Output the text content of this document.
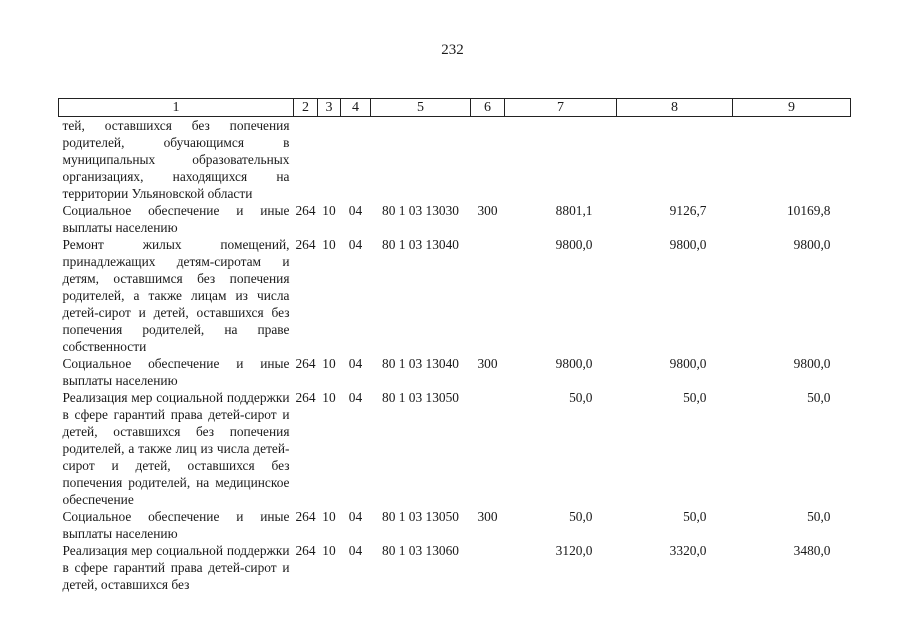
232
1	2	3	4	5	6	7	8	9
тей, оставшихся без попечения родителей, обучающимся в муниципальных образовательных организациях, находящихся на территории Ульяновской области								
Социальное обеспечение и иные выплаты населению	264	10	04	80 1 03 13030	300	8801,1	9126,7	10169,8
Ремонт жилых помещений, принадлежащих детям-сиротам и детям, оставшимся без попечения родителей, а также лицам из числа детей-сирот и детей, оставшихся без попечения родителей, на праве собственности	264	10	04	80 1 03 13040		9800,0	9800,0	9800,0
Социальное обеспечение и иные выплаты населению	264	10	04	80 1 03 13040	300	9800,0	9800,0	9800,0
Реализация мер социальной поддержки в сфере гарантий права детей-сирот и детей, оставшихся без попечения родителей, а также лиц из числа детей-сирот и детей, оставшихся без попечения родителей, на медицинское обеспечение	264	10	04	80 1 03 13050		50,0	50,0	50,0
Социальное обеспечение и иные выплаты населению	264	10	04	80 1 03 13050	300	50,0	50,0	50,0
Реализация мер социальной поддержки в сфере гарантий права детей-сирот и детей, оставшихся без	264	10	04	80 1 03 13060		3120,0	3320,0	3480,0
